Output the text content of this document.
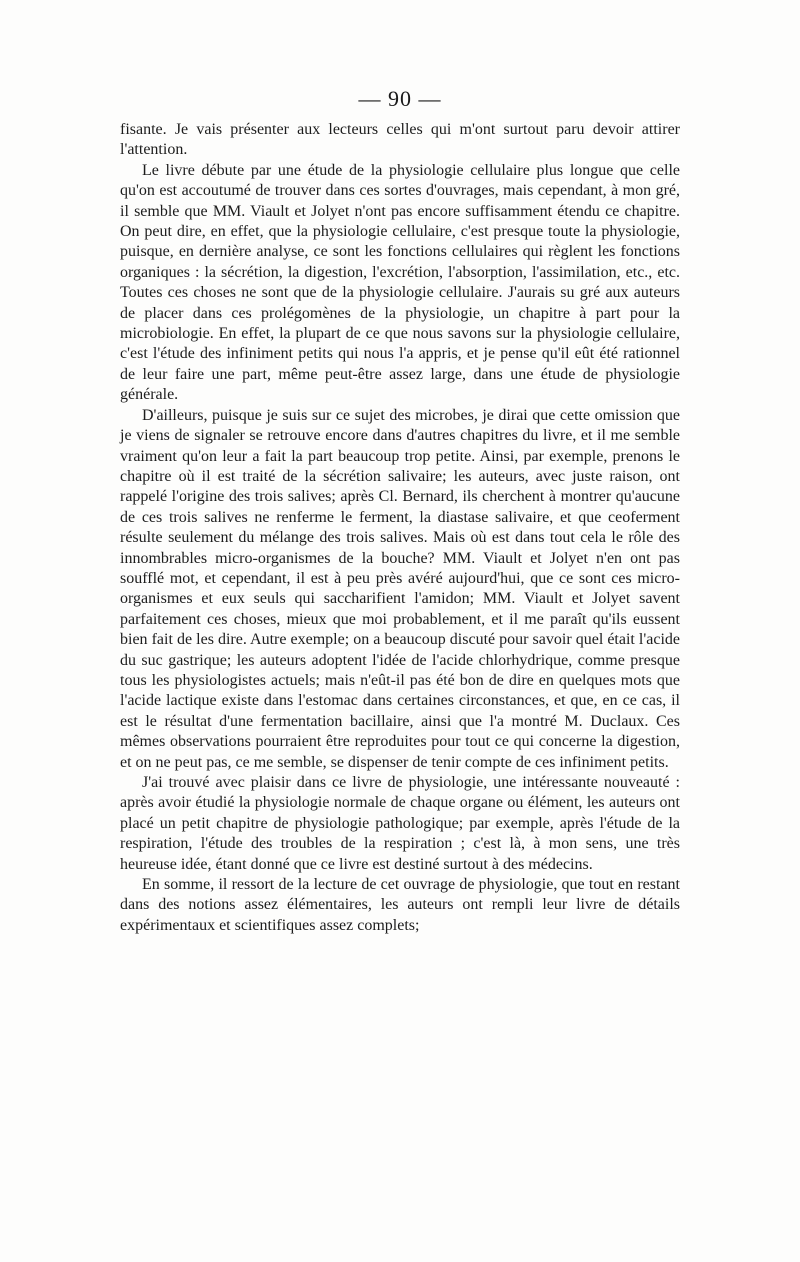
— 90 —

fisante. Je vais présenter aux lecteurs celles qui m'ont surtout paru devoir attirer l'attention.

Le livre débute par une étude de la physiologie cellulaire plus longue que celle qu'on est accoutumé de trouver dans ces sortes d'ouvrages, mais cependant, à mon gré, il semble que MM. Viault et Jolyet n'ont pas encore suffisamment étendu ce chapitre. On peut dire, en effet, que la physiologie cellulaire, c'est presque toute la physiologie, puisque, en dernière analyse, ce sont les fonctions cellulaires qui règlent les fonctions organiques : la sécrétion, la digestion, l'excrétion, l'absorption, l'assimilation, etc., etc. Toutes ces choses ne sont que de la physiologie cellulaire. J'aurais su gré aux auteurs de placer dans ces prolégomènes de la physiologie, un chapitre à part pour la microbiologie. En effet, la plupart de ce que nous savons sur la physiologie cellulaire, c'est l'étude des infiniment petits qui nous l'a appris, et je pense qu'il eût été rationnel de leur faire une part, même peut-être assez large, dans une étude de physiologie générale.

D'ailleurs, puisque je suis sur ce sujet des microbes, je dirai que cette omission que je viens de signaler se retrouve encore dans d'autres chapitres du livre, et il me semble vraiment qu'on leur a fait la part beaucoup trop petite. Ainsi, par exemple, prenons le chapitre où il est traité de la sécrétion salivaire; les auteurs, avec juste raison, ont rappelé l'origine des trois salives; après Cl. Bernard, ils cherchent à montrer qu'aucune de ces trois salives ne renferme le ferment, la diastase salivaire, et que ceoferment résulte seulement du mélange des trois salives. Mais où est dans tout cela le rôle des innombrables micro-organismes de la bouche? MM. Viault et Jolyet n'en ont pas soufflé mot, et cependant, il est à peu près avéré aujourd'hui, que ce sont ces micro-organismes et eux seuls qui saccharifient l'amidon; MM. Viault et Jolyet savent parfaitement ces choses, mieux que moi probablement, et il me paraît qu'ils eussent bien fait de les dire. Autre exemple; on a beaucoup discuté pour savoir quel était l'acide du suc gastrique; les auteurs adoptent l'idée de l'acide chlorhydrique, comme presque tous les physiologistes actuels; mais n'eût-il pas été bon de dire en quelques mots que l'acide lactique existe dans l'estomac dans certaines circonstances, et que, en ce cas, il est le résultat d'une fermentation bacillaire, ainsi que l'a montré M. Duclaux. Ces mêmes observations pourraient être reproduites pour tout ce qui concerne la digestion, et on ne peut pas, ce me semble, se dispenser de tenir compte de ces infiniment petits.

J'ai trouvé avec plaisir dans ce livre de physiologie, une intéressante nouveauté : après avoir étudié la physiologie normale de chaque organe ou élément, les auteurs ont placé un petit chapitre de physiologie pathologique; par exemple, après l'étude de la respiration, l'étude des troubles de la respiration ; c'est là, à mon sens, une très heureuse idée, étant donné que ce livre est destiné surtout à des médecins.

En somme, il ressort de la lecture de cet ouvrage de physiologie, que tout en restant dans des notions assez élémentaires, les auteurs ont rempli leur livre de détails expérimentaux et scientifiques assez complets;
